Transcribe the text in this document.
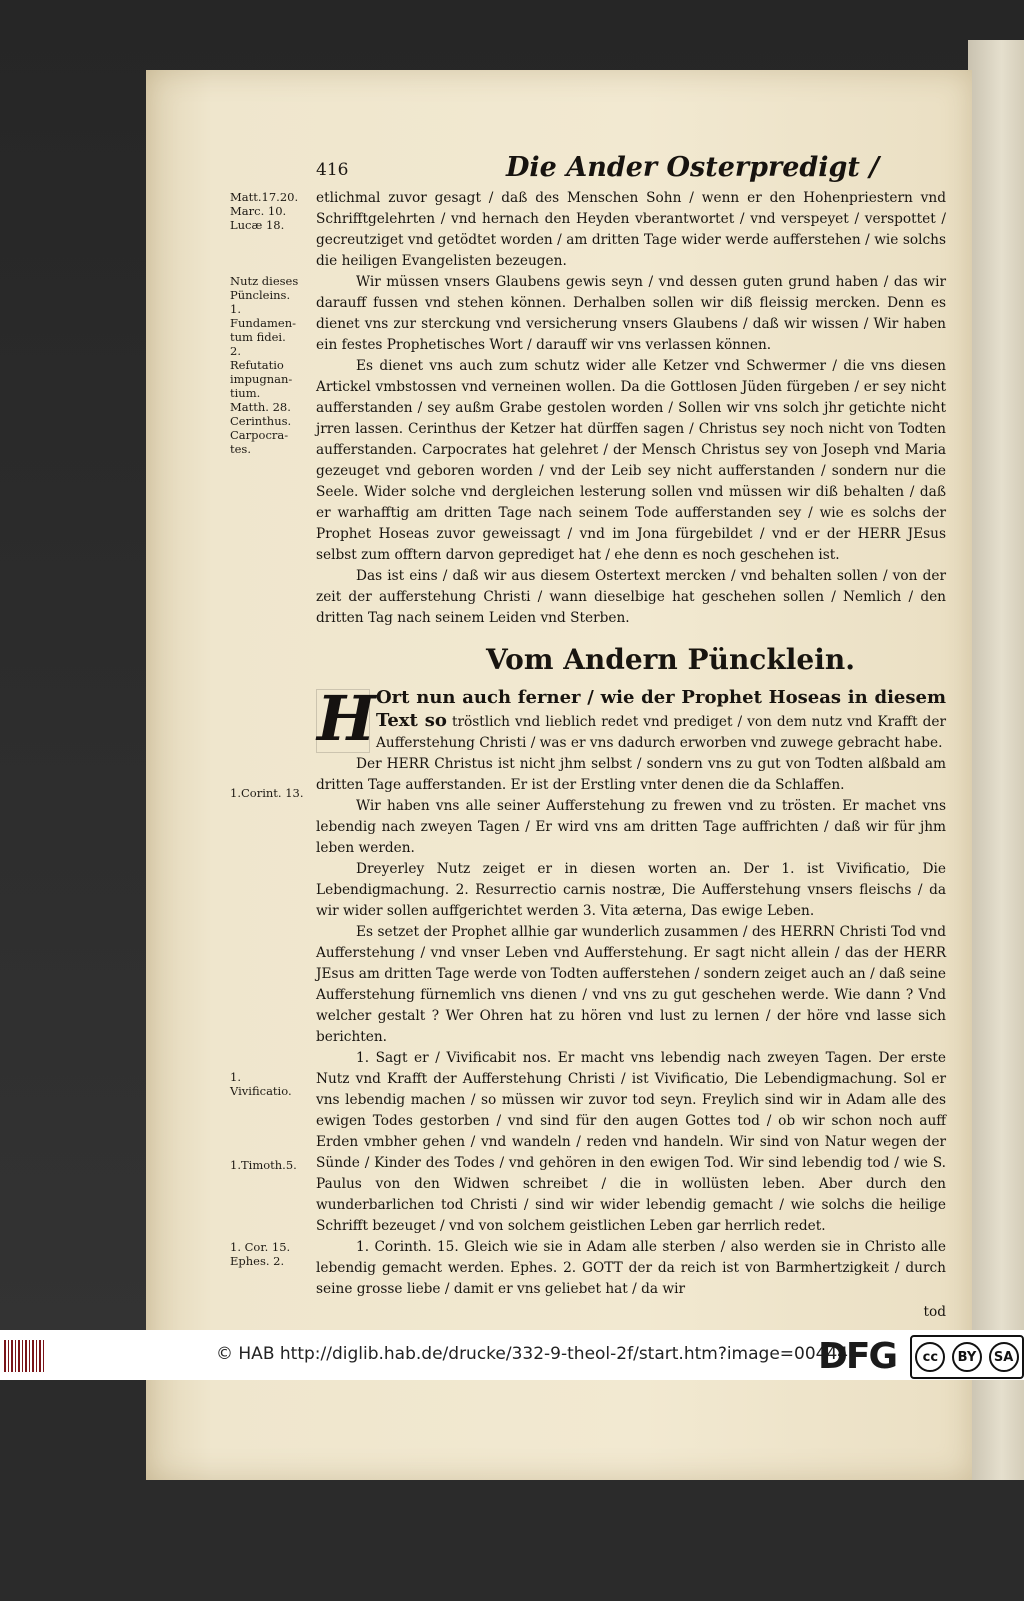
416	Die Ander Osterpredigt /

Matt.17.20.
Marc. 10.
Lucæ 18.

Nutz dieses
Püncleins.
1.
Fundamen-
tum fidei.
2.
Refutatio
impugnan-
tium.
Matth. 28.
Cerinthus.
Carpocra-
tes.

1.Corint. 13.

1.
Vivificatio.

1.Timoth.5.

1. Cor. 15.
Ephes. 2.

etlichmal zuvor gesagt / daß des Menschen Sohn / wenn er den Hohenpriestern vnd Schrifftgelehrten / vnd hernach den Heyden vberantwortet / vnd verspeyet / verspottet / gecreutziget vnd getödtet worden / am dritten Tage wider werde aufferstehen / wie solchs die heiligen Evangelisten bezeugen.

Wir müssen vnsers Glaubens gewis seyn / vnd dessen guten grund haben / das wir darauff fussen vnd stehen können. Derhalben sollen wir diß fleissig mercken. Denn es dienet vns zur sterckung vnd versicherung vnsers Glaubens / daß wir wissen / Wir haben ein festes Prophetisches Wort / darauff wir vns verlassen können.

Es dienet vns auch zum schutz wider alle Ketzer vnd Schwermer / die vns diesen Artickel vmbstossen vnd verneinen wollen. Da die Gottlosen Jüden fürgeben / er sey nicht aufferstanden / sey außm Grabe gestolen worden / Sollen wir vns solch jhr getichte nicht jrren lassen. Cerinthus der Ketzer hat dürffen sagen / Christus sey noch nicht von Todten aufferstanden. Carpocrates hat gelehret / der Mensch Christus sey von Joseph vnd Maria gezeuget vnd geboren worden / vnd der Leib sey nicht aufferstanden / sondern nur die Seele. Wider solche vnd dergleichen lesterung sollen vnd müssen wir diß behalten / daß er warhafftig am dritten Tage nach seinem Tode aufferstanden sey / wie es solchs der Prophet Hoseas zuvor geweissagt / vnd im Jona fürgebildet / vnd er der HERR JEsus selbst zum offtern darvon geprediget hat / ehe denn es noch geschehen ist.

Das ist eins / daß wir aus diesem Ostertext mercken / vnd behalten sollen / von der zeit der aufferstehung Christi / wann dieselbige hat geschehen sollen / Nemlich / den dritten Tag nach seinem Leiden vnd Sterben.

Vom Andern Püncklein.

H Ort nun auch ferner / wie der Prophet Hoseas in diesem Text so tröstlich vnd lieblich redet vnd prediget / von dem nutz vnd Krafft der Aufferstehung Christi / was er vns dadurch erworben vnd zuwege gebracht habe.

Der HERR Christus ist nicht jhm selbst / sondern vns zu gut von Todten alßbald am dritten Tage aufferstanden. Er ist der Erstling vnter denen die da Schlaffen.

Wir haben vns alle seiner Aufferstehung zu frewen vnd zu trösten. Er machet vns lebendig nach zweyen Tagen / Er wird vns am dritten Tage auffrichten / daß wir für jhm leben werden.

Dreyerley Nutz zeiget er in diesen worten an. Der 1. ist Vivificatio, Die Lebendigmachung. 2. Resurrectio carnis nostræ, Die Aufferstehung vnsers fleischs / da wir wider sollen auffgerichtet werden 3. Vita æterna, Das ewige Leben.

Es setzet der Prophet allhie gar wunderlich zusammen / des HERRN Christi Tod vnd Aufferstehung / vnd vnser Leben vnd Aufferstehung. Er sagt nicht allein / das der HERR JEsus am dritten Tage werde von Todten aufferstehen / sondern zeiget auch an / daß seine Aufferstehung fürnemlich vns dienen / vnd vns zu gut geschehen werde. Wie dann ? Vnd welcher gestalt ? Wer Ohren hat zu hören vnd lust zu lernen / der höre vnd lasse sich berichten.

1. Sagt er / Vivificabit nos. Er macht vns lebendig nach zweyen Tagen. Der erste Nutz vnd Krafft der Aufferstehung Christi / ist Vivificatio, Die Lebendigmachung. Sol er vns lebendig machen / so müssen wir zuvor tod seyn. Freylich sind wir in Adam alle des ewigen Todes gestorben / vnd sind für den augen Gottes tod / ob wir schon noch auff Erden vmbher gehen / vnd wandeln / reden vnd handeln. Wir sind von Natur wegen der Sünde / Kinder des Todes / vnd gehören in den ewigen Tod. Wir sind lebendig tod / wie S. Paulus von den Widwen schreibet / die in wollüsten leben. Aber durch den wunderbarlichen tod Christi / sind wir wider lebendig gemacht / wie solchs die heilige Schrifft bezeuget / vnd von solchem geistlichen Leben gar herrlich redet.

1. Corinth. 15. Gleich wie sie in Adam alle sterben / also werden sie in Christo alle lebendig gemacht werden. Ephes. 2. GOTT der da reich ist von Barmhertzigkeit / durch seine grosse liebe / damit er vns geliebet hat / da wir

tod

© HAB http://diglib.hab.de/drucke/332-9-theol-2f/start.htm?image=00444
DFG	cc	BY	SA
